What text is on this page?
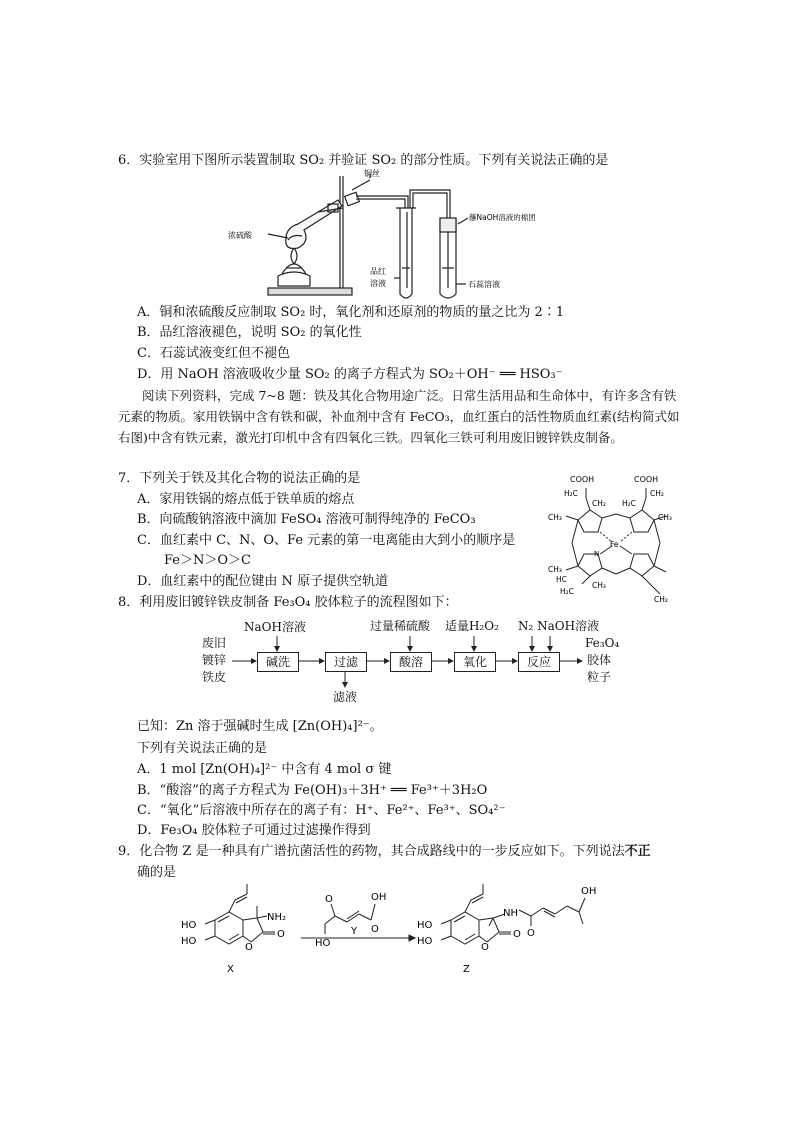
6．实验室用下图所示装置制取 SO₂ 并验证 SO₂ 的部分性质。下列有关说法正确的是
铜丝
浓硫酸
蘸NaOH溶液的棉团
品红
溶液	石蕊溶液
A．铜和浓硫酸反应制取 SO₂ 时，氧化剂和还原剂的物质的量之比为 2∶1
B．品红溶液褪色，说明 SO₂ 的氧化性
C．石蕊试液变红但不褪色
D．用 NaOH 溶液吸收少量 SO₂ 的离子方程式为 SO₂＋OH⁻ ══ HSO₃⁻
阅读下列资料，完成 7~8 题：铁及其化合物用途广泛。日常生活用品和生命体中，有许多含有铁元素的物质。家用铁锅中含有铁和碳，补血剂中含有 FeCO₃，血红蛋白的活性物质血红素(结构简式如右图)中含有铁元素，激光打印机中含有四氧化三铁。四氧化三铁可利用废旧镀锌铁皮制备。
7．下列关于铁及其化合物的说法正确的是
A．家用铁锅的熔点低于铁单质的熔点
B．向硫酸钠溶液中滴加 FeSO₄ 溶液可制得纯净的 FeCO₃
C．血红素中 C、N、O、Fe 元素的第一电离能由大到小的顺序是
Fe＞N＞O＞C
D．血红素中的配位键由 N 原子提供空轨道
COOH	COOH
H₂C
H₂C
CH₂
CH₂
CH₃	CH₃
CH₃
CH₃
HC
H₂C
CH₂
Fe
N
8．利用废旧镀锌铁皮制备 Fe₃O₄ 胶体粒子的流程图如下：
废旧
镀锌
铁皮
NaOH溶液	过量稀硫酸 适量H₂O₂ N₂ NaOH溶液
碱洗	过滤	酸溶	氧化	反应
滤液
Fe₃O₄
胶体
粒子
已知：Zn 溶于强碱时生成 [Zn(OH)₄]²⁻。
下列有关说法正确的是
A．1 mol [Zn(OH)₄]²⁻ 中含有 4 mol σ 键
B．“酸溶”的离子方程式为 Fe(OH)₃＋3H⁺ ══ Fe³⁺＋3H₂O
C．“氧化”后溶液中所存在的离子有：H⁺、Fe²⁺、Fe³⁺、SO₄²⁻
D．Fe₃O₄ 胶体粒子可通过过滤操作得到
9．化合物 Z 是一种具有广谱抗菌活性的药物，其合成路线中的一步反应如下。下列说法不正
确的是
HO
HO
NH₂
O
O
X
OH
O
O
HO
Y
HO
HO
NH
O
O O
OH
Z
